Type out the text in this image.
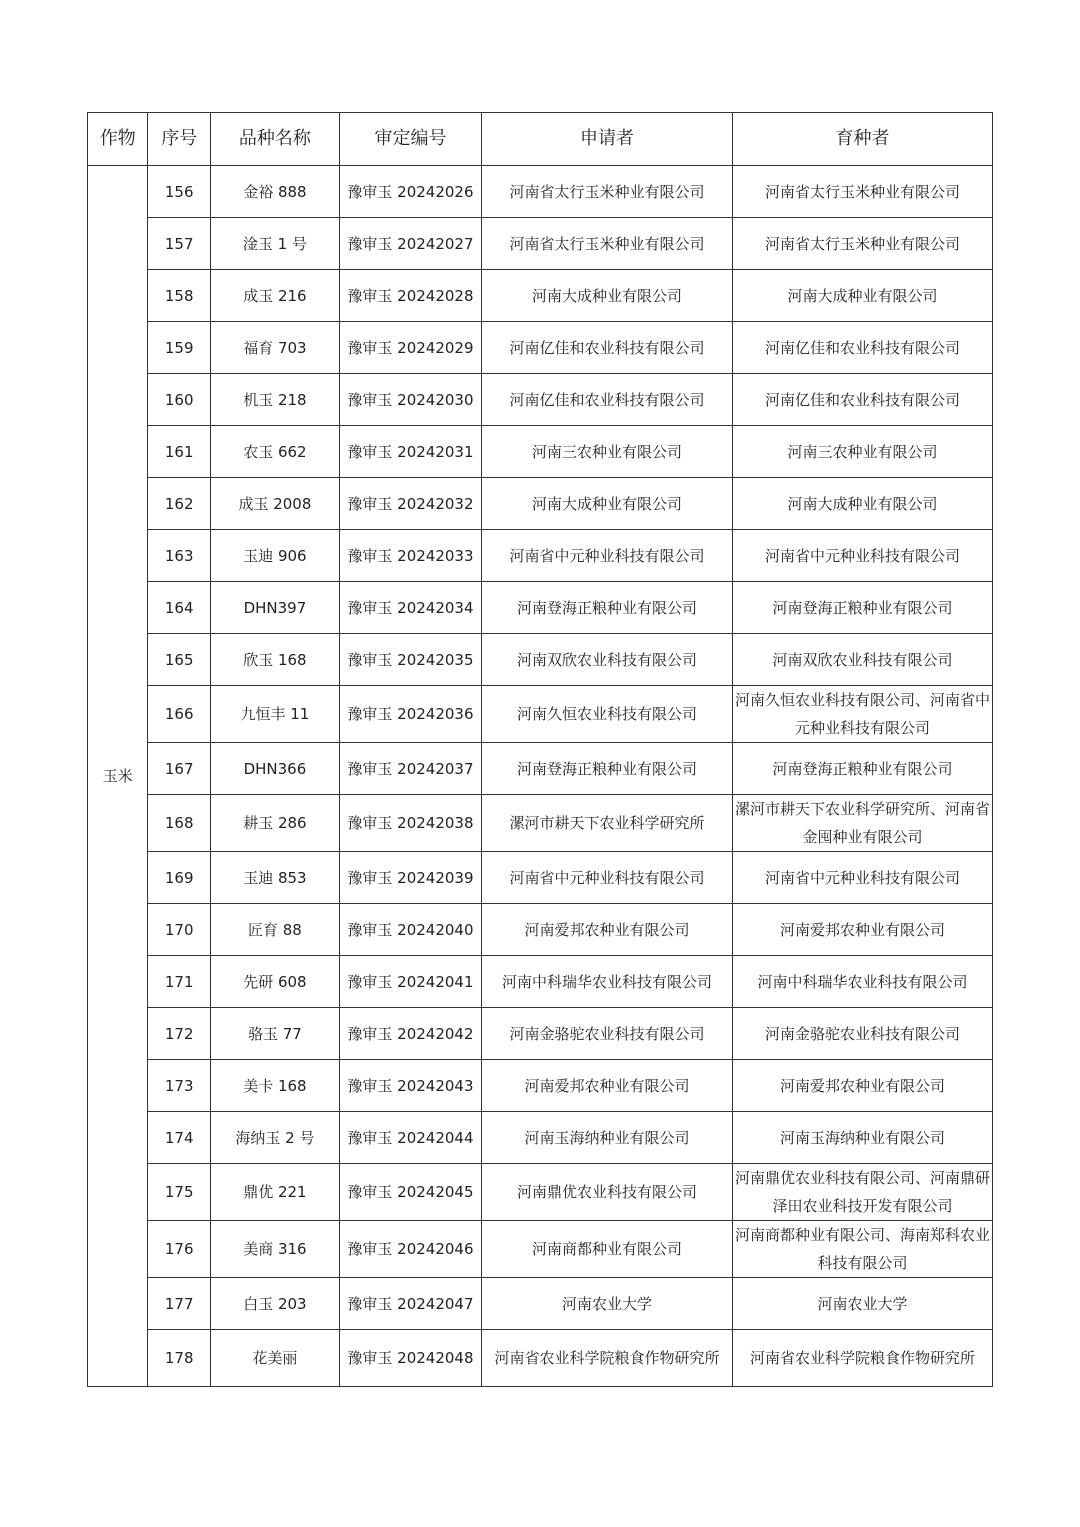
作物	序号	品种名称	审定编号	申请者	育种者
玉米	156	金裕 888	豫审玉 20242026	河南省太行玉米种业有限公司	河南省太行玉米种业有限公司
	157	淦玉 1 号	豫审玉 20242027	河南省太行玉米种业有限公司	河南省太行玉米种业有限公司
	158	成玉 216	豫审玉 20242028	河南大成种业有限公司	河南大成种业有限公司
	159	福育 703	豫审玉 20242029	河南亿佳和农业科技有限公司	河南亿佳和农业科技有限公司
	160	机玉 218	豫审玉 20242030	河南亿佳和农业科技有限公司	河南亿佳和农业科技有限公司
	161	农玉 662	豫审玉 20242031	河南三农种业有限公司	河南三农种业有限公司
	162	成玉 2008	豫审玉 20242032	河南大成种业有限公司	河南大成种业有限公司
	163	玉迪 906	豫审玉 20242033	河南省中元种业科技有限公司	河南省中元种业科技有限公司
	164	DHN397	豫审玉 20242034	河南登海正粮种业有限公司	河南登海正粮种业有限公司
	165	欣玉 168	豫审玉 20242035	河南双欣农业科技有限公司	河南双欣农业科技有限公司
	166	九恒丰 11	豫审玉 20242036	河南久恒农业科技有限公司	河南久恒农业科技有限公司、河南省中元种业科技有限公司
	167	DHN366	豫审玉 20242037	河南登海正粮种业有限公司	河南登海正粮种业有限公司
	168	耕玉 286	豫审玉 20242038	漯河市耕天下农业科学研究所	漯河市耕天下农业科学研究所、河南省金囤种业有限公司
	169	玉迪 853	豫审玉 20242039	河南省中元种业科技有限公司	河南省中元种业科技有限公司
	170	匠育 88	豫审玉 20242040	河南爱邦农种业有限公司	河南爱邦农种业有限公司
	171	先研 608	豫审玉 20242041	河南中科瑞华农业科技有限公司	河南中科瑞华农业科技有限公司
	172	骆玉 77	豫审玉 20242042	河南金骆驼农业科技有限公司	河南金骆驼农业科技有限公司
	173	美卡 168	豫审玉 20242043	河南爱邦农种业有限公司	河南爱邦农种业有限公司
	174	海纳玉 2 号	豫审玉 20242044	河南玉海纳种业有限公司	河南玉海纳种业有限公司
	175	鼎优 221	豫审玉 20242045	河南鼎优农业科技有限公司	河南鼎优农业科技有限公司、河南鼎研泽田农业科技开发有限公司
	176	美商 316	豫审玉 20242046	河南商都种业有限公司	河南商都种业有限公司、海南郑科农业科技有限公司
	177	白玉 203	豫审玉 20242047	河南农业大学	河南农业大学
	178	花美丽	豫审玉 20242048	河南省农业科学院粮食作物研究所	河南省农业科学院粮食作物研究所
